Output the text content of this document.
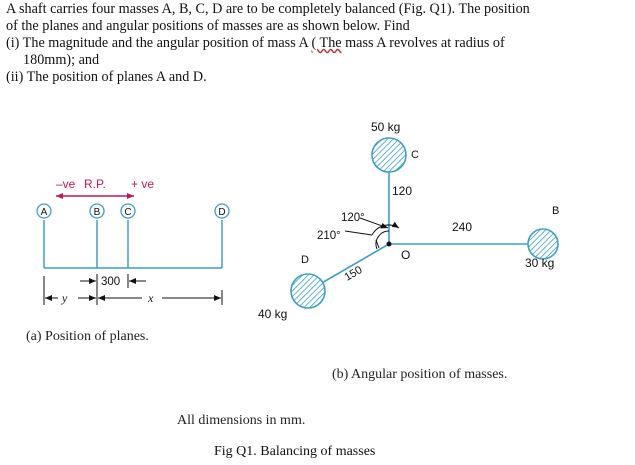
A shaft carries four masses A, B, C, D are to be completely balanced (Fig. Q1). The position
of the planes and angular positions of masses are as shown below. Find
(i) The magnitude and the angular position of mass A ( The mass A revolves at radius of
180mm); and
(ii) The position of planes A and D.
–ve R.P. + ve
A	B C	D
300
y	x
(a) Position of planes.
O
50 kg
C
120
120°
210°
240
B
30 kg
D
150
40 kg
(b) Angular position of masses.
All dimensions in mm.
Fig Q1. Balancing of masses
